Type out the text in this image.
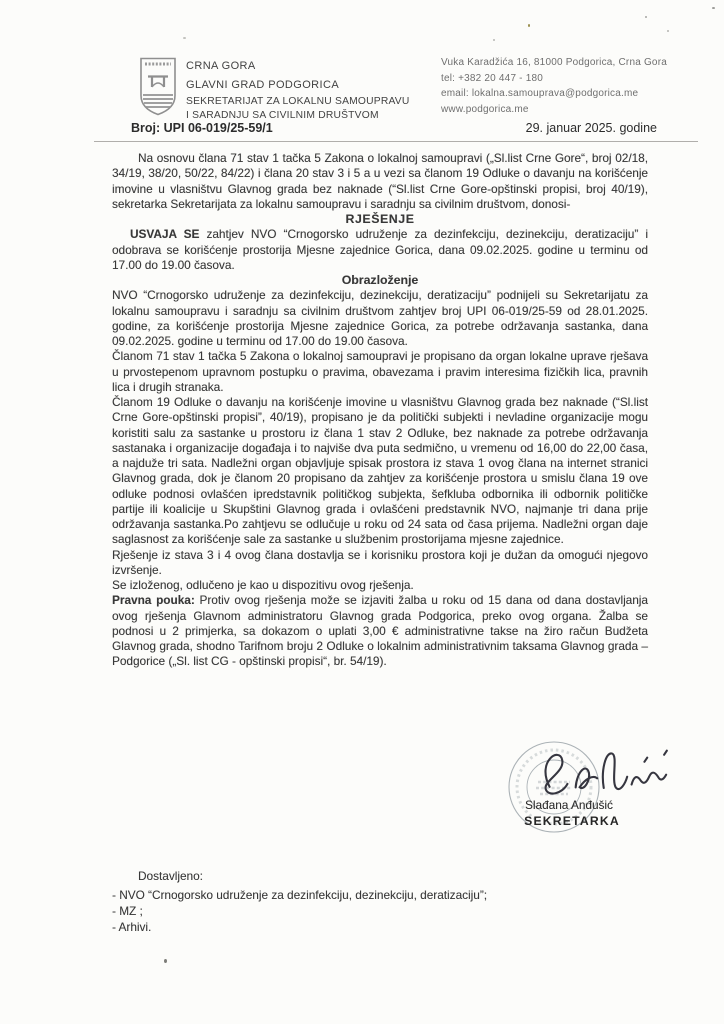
CRNA GORA
GLAVNI GRAD PODGORICA
SEKRETARIJAT ZA LOKALNU SAMOUPRAVU
I SARADNJU SA CIVILNIM DRUŠTVOM
Vuka Karadžića 16, 81000 Podgorica, Crna Gora
tel: +382 20 447 - 180
email: lokalna.samouprava@podgorica.me
www.podgorica.me
Broj: UPI 06-019/25-59/1	29. januar 2025. godine

Na osnovu člana 71 stav 1 tačka 5 Zakona o lokalnoj samoupravi („Sl.list Crne Gore“, broj 02/18, 34/19, 38/20, 50/22, 84/22) i člana 20 stav 3 i 5 a u vezi sa članom 19 Odluke o davanju na korišćenje imovine u vlasništvu Glavnog grada bez naknade (“Sl.list Crne Gore-opštinski propisi, broj 40/19), sekretarka Sekretarijata za lokalnu samoupravu i saradnju sa civilnim društvom, donosi-

RJEŠENJE

USVAJA SE zahtjev NVO “Crnogorsko udruženje za dezinfekciju, dezinekciju, deratizaciju” i odobrava se korišćenje prostorija Mjesne zajednice Gorica, dana 09.02.2025. godine u terminu od 17.00 do 19.00 časova.

Obrazloženje

NVO “Crnogorsko udruženje za dezinfekciju, dezinekciju, deratizaciju” podnijeli su Sekretarijatu za lokalnu samoupravu i saradnju sa civilnim društvom zahtjev broj UPI 06-019/25-59 od 28.01.2025. godine, za korišćenje prostorija Mjesne zajednice Gorica, za potrebe održavanja sastanka, dana 09.02.2025. godine u terminu od 17.00 do 19.00 časova.

Članom 71 stav 1 tačka 5 Zakona o lokalnoj samoupravi je propisano da organ lokalne uprave rješava u prvostepenom upravnom postupku o pravima, obavezama i pravim interesima fizičkih lica, pravnih lica i drugih stranaka.

Članom 19 Odluke o davanju na korišćenje imovine u vlasništvu Glavnog grada bez naknade (“Sl.list Crne Gore-opštinski propisi”, 40/19), propisano je da politički subjekti i nevladine organizacije mogu koristiti salu za sastanke u prostoru iz člana 1 stav 2 Odluke, bez naknade za potrebe održavanja sastanaka i organizacije događaja i to najviše dva puta sedmično, u vremenu od 16,00 do 22,00 časa, a najduže tri sata. Nadležni organ objavljuje spisak prostora iz stava 1 ovog člana na internet stranici Glavnog grada, dok je članom 20 propisano da zahtjev za korišćenje prostora u smislu člana 19 ove odluke podnosi ovlašćen ipredstavnik političkog subjekta, šefkluba odbornika ili odbornik političke partije ili koalicije u Skupštini Glavnog grada i ovlašćeni predstavnik NVO, najmanje tri dana prije održavanja sastanka.Po zahtjevu se odlučuje u roku od 24 sata od časa prijema. Nadležni organ daje saglasnost za korišćenje sale za sastanke u službenim prostorijama mjesne zajednice.

Rješenje iz stava 3 i 4 ovog člana dostavlja se i korisniku prostora koji je dužan da omogući njegovo izvršenje.

Se izloženog, odlučeno je kao u dispozitivu ovog rješenja.

Pravna pouka: Protiv ovog rješenja može se izjaviti žalba u roku od 15 dana od dana dostavljanja ovog rješenja Glavnom administratoru Glavnog grada Podgorica, preko ovog organa. Žalba se podnosi u 2 primjerka, sa dokazom o uplati 3,00 € administrativne takse na žiro račun Budžeta Glavnog grada, shodno Tarifnom broju 2 Odluke o lokalnim administrativnim taksama Glavnog grada – Podgorice („Sl. list CG - opštinski propisi“, br. 54/19).

Slađana Anđušić
SEKRETARKA
Dostavljeno:
- NVO “Crnogorsko udruženje za dezinfekciju, dezinekciju, deratizaciju”;
- MZ ;
- Arhivi.
